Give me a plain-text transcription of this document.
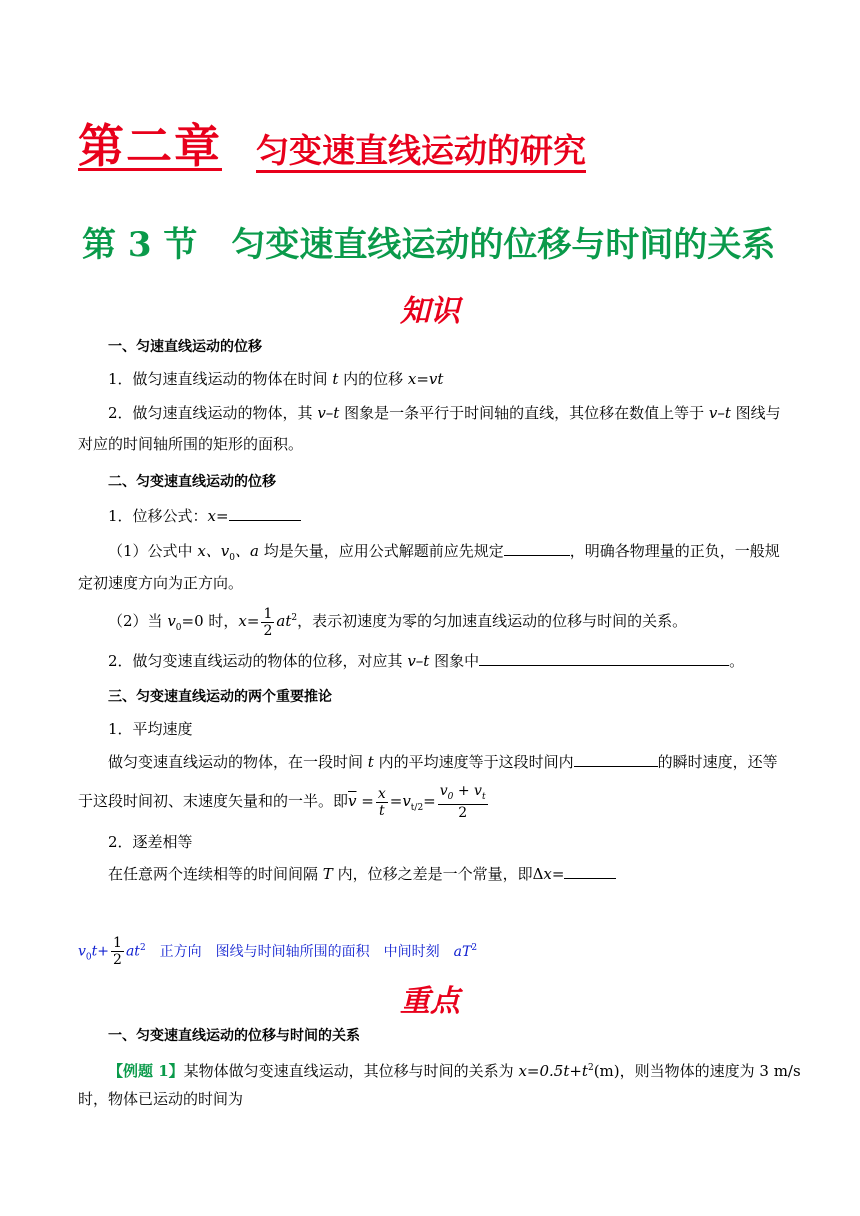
第二章 匀变速直线运动的研究
第 3 节　匀变速直线运动的位移与时间的关系
知识
一、匀速直线运动的位移
1．做匀速直线运动的物体在时间 t 内的位移 x=vt
2．做匀速直线运动的物体，其 v–t 图象是一条平行于时间轴的直线，其位移在数值上等于 v–t 图线与
对应的时间轴所围的矩形的面积。
二、匀变速直线运动的位移
1．位移公式：x=
（1）公式中 x、$v_0$、a 均是矢量，应用公式解题前应先规定	，明确各物理量的正负，一般规
定初速度方向为正方向。
（2）当 $v_0=0$ 时，$x= \frac{1}{2} at^2$，表示初速度为零的匀加速直线运动的位移与时间的关系。
2．做匀变速直线运动的物体的位移，对应其 v–t 图象中	。
三、匀变速直线运动的两个重要推论
1．平均速度
做匀变速直线运动的物体，在一段时间 t 内的平均速度等于这段时间内	的瞬时速度，还等
于这段时间初、末速度矢量和的一半。即$\overline{v} = \frac{x}{t} =v_{t/2}= \frac{v_0 + v_t}{2}$
2．逐差相等
在任意两个连续相等的时间间隔 T 内，位移之差是一个常量，即Δx=
$v_0t+ \frac{1}{2} at^2$ 正方向 图线与时间轴所围的面积 中间时刻 $aT^2$
重点
一、匀变速直线运动的位移与时间的关系
【例题 1】某物体做匀变速直线运动，其位移与时间的关系为 $x=0.5t+t^2(m)$，则当物体的速度为 3 m/s
时，物体已运动的时间为
